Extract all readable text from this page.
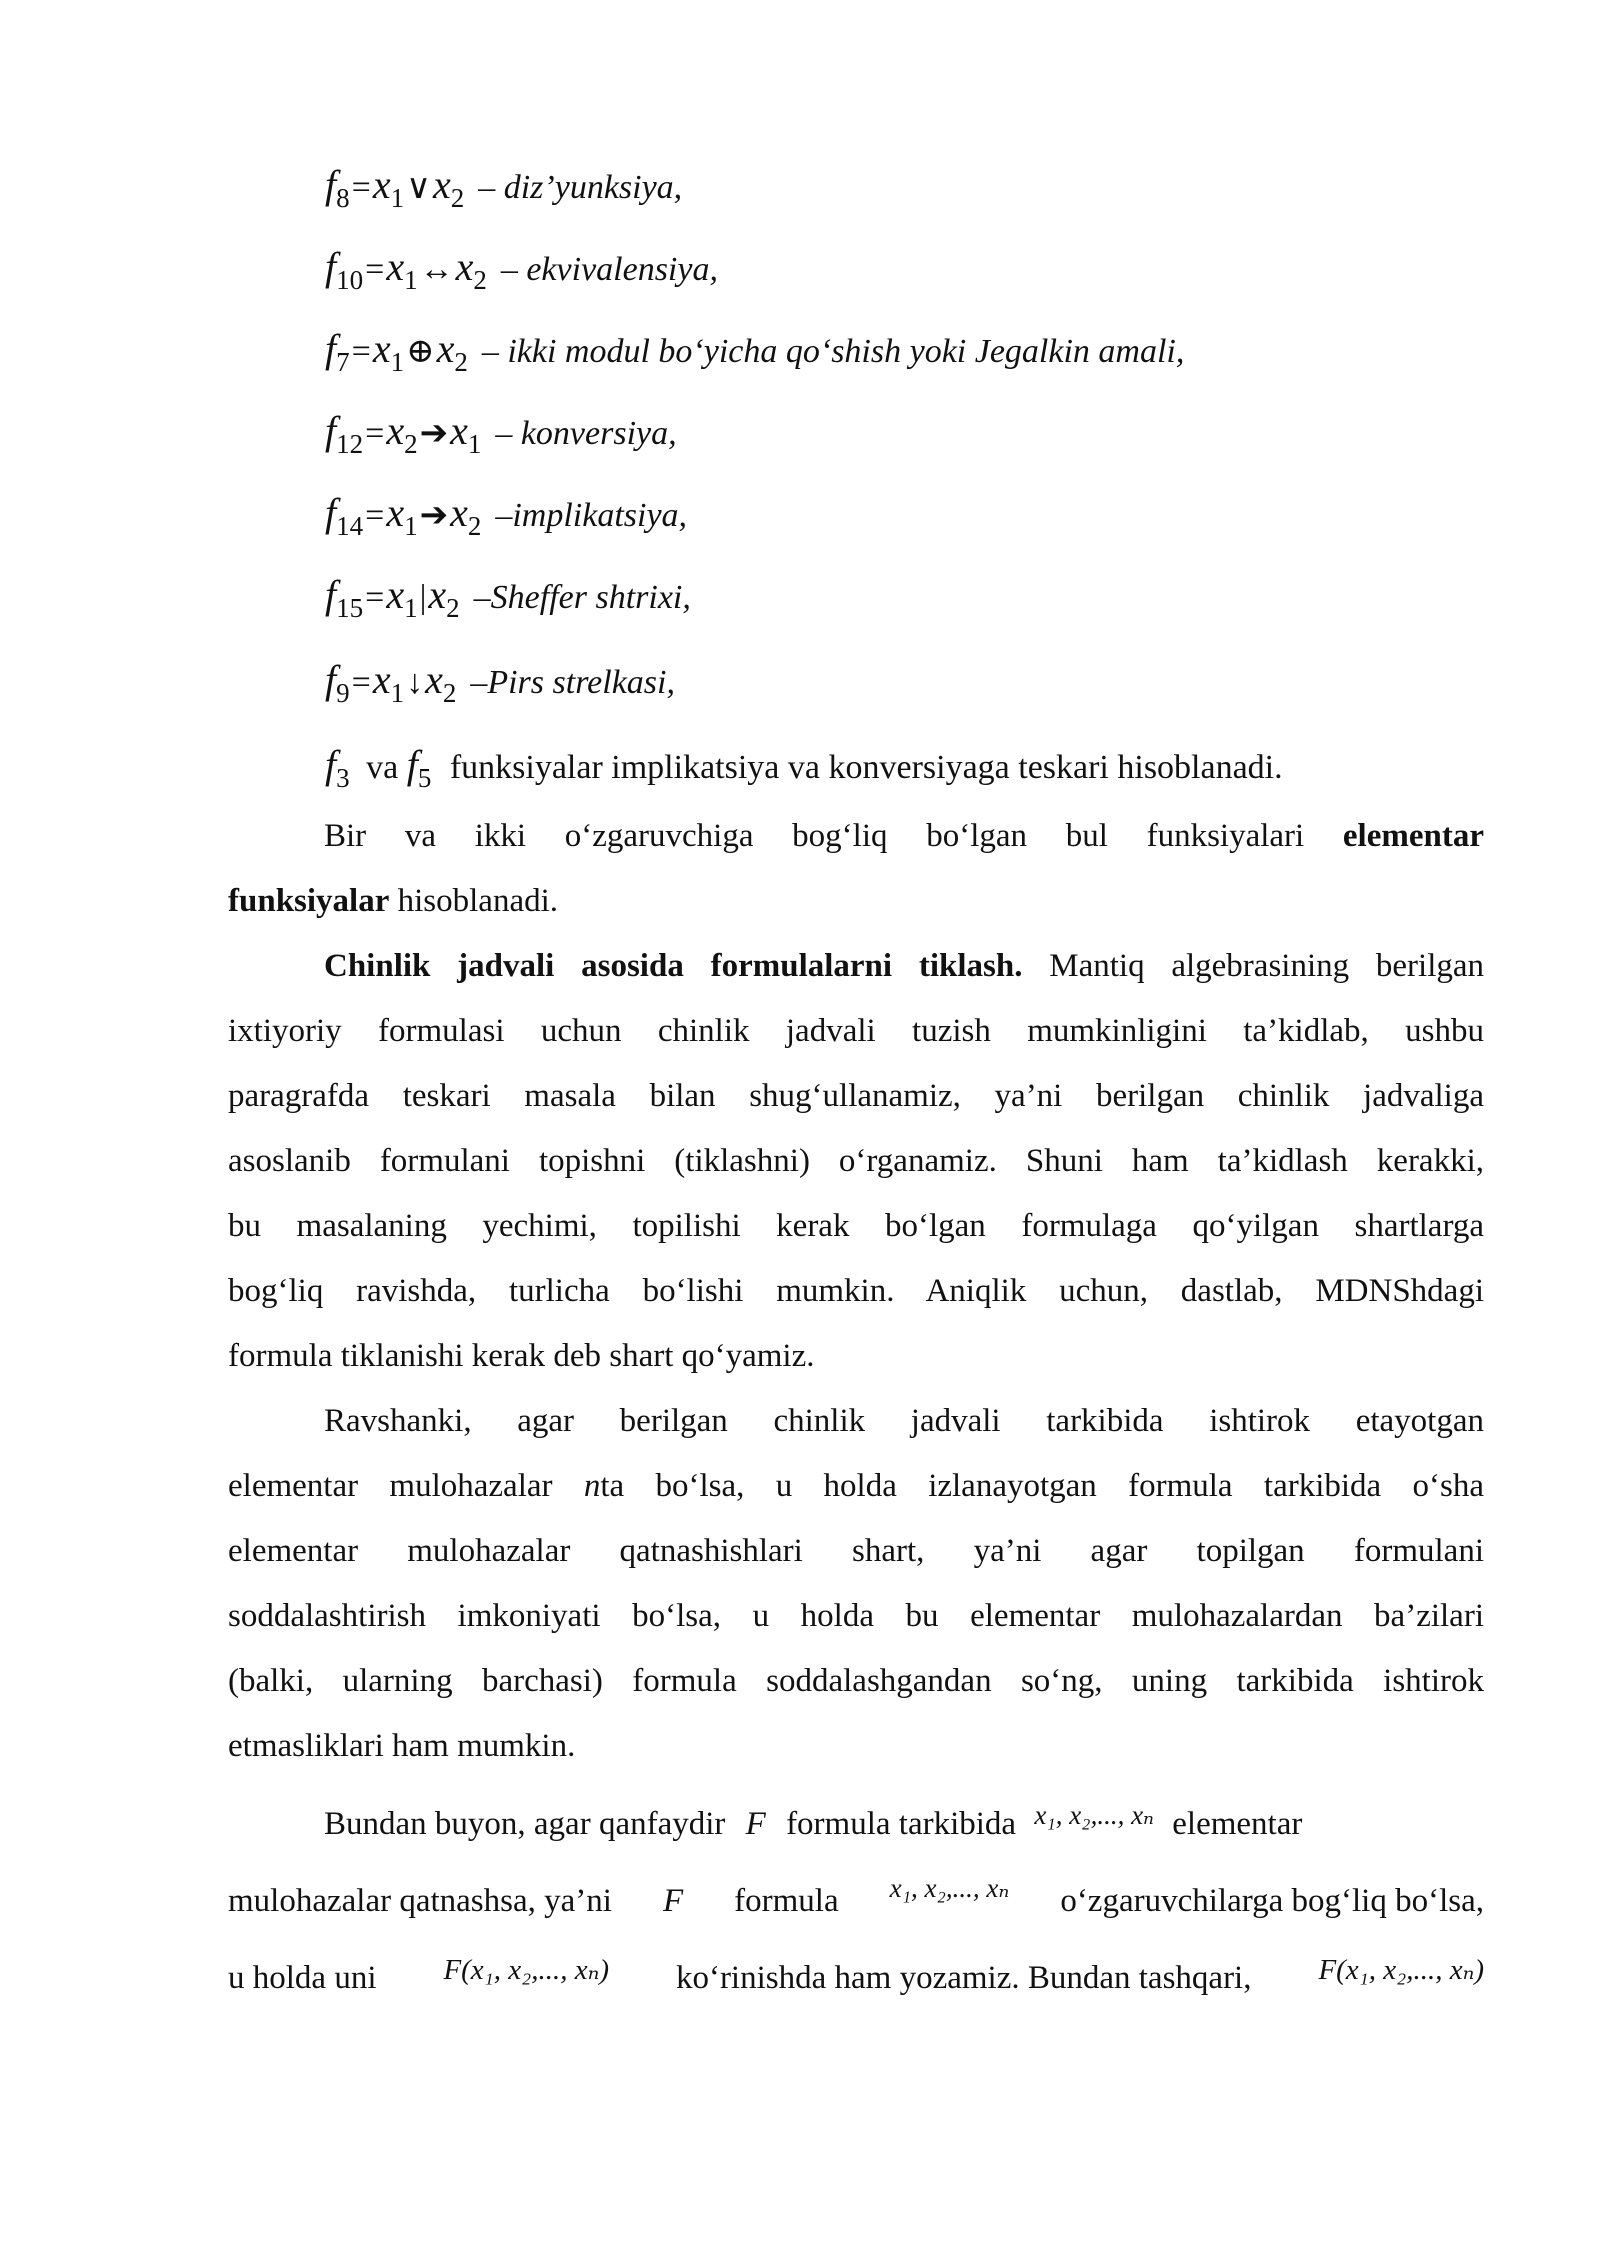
$f_8=x_1\vee x_2$ – diz’yunksiya,
$f_{10}=x_1\leftrightarrow x_2$ – ekvivalensiya,
$f_7=x_1\oplus x_2$ – ikki modul bo‘yicha qo‘shish yoki Jegalkin amali,
$f_{12}=x_2➔x_1$ – konversiya,
$f_{14}=x_1➔x_2$ –implikatsiya,
$f_{15}=x_1|x_2$ –Sheffer shtrixi,
$f_9=x_1↓x_2$ –Pirs strelkasi,
$f_3$ va $f_5$ funksiyalar implikatsiya va konversiyaga teskari hisoblanadi.
Bir va ikki o‘zgaruvchiga bog‘liq bo‘lgan bul funksiyalari elementar
funksiyalar hisoblanadi.
Chinlik jadvali asosida formulalarni tiklash. Mantiq algebrasining berilgan
ixtiyoriy formulasi uchun chinlik jadvali tuzish mumkinligini ta’kidlab, ushbu
paragrafda teskari masala bilan shug‘ullanamiz, ya’ni berilgan chinlik jadvaliga
asoslanib formulani topishni (tiklashni) o‘rganamiz. Shuni ham ta’kidlash kerakki,
bu masalaning yechimi, topilishi kerak bo‘lgan formulaga qo‘yilgan shartlarga
bog‘liq ravishda, turlicha bo‘lishi mumkin. Aniqlik uchun, dastlab, MDNShdagi
formula tiklanishi kerak deb shart qo‘yamiz.
Ravshanki, agar berilgan chinlik jadvali tarkibida ishtirok etayotgan
elementar mulohazalar nta bo‘lsa, u holda izlanayotgan formula tarkibida o‘sha
elementar mulohazalar qatnashishlari shart, ya’ni agar topilgan formulani
soddalashtirish imkoniyati bo‘lsa, u holda bu elementar mulohazalardan ba’zilari
(balki, ularning barchasi) formula soddalashgandan so‘ng, uning tarkibida ishtirok
etmasliklari ham mumkin.
Bundan buyon, agar qanfaydir F formula tarkibida $^{x_1, x_2,..., x_n}$ elementar
mulohazalar qatnashsa, ya’ni F formula x₁, x₂,..., xₙ o‘zgaruvchilarga bog‘liq bo‘lsa,
u holda uni F(x₁, x₂,..., xₙ) ko‘rinishda ham yozamiz. Bundan tashqari, F(x₁, x₂,..., xₙ)
